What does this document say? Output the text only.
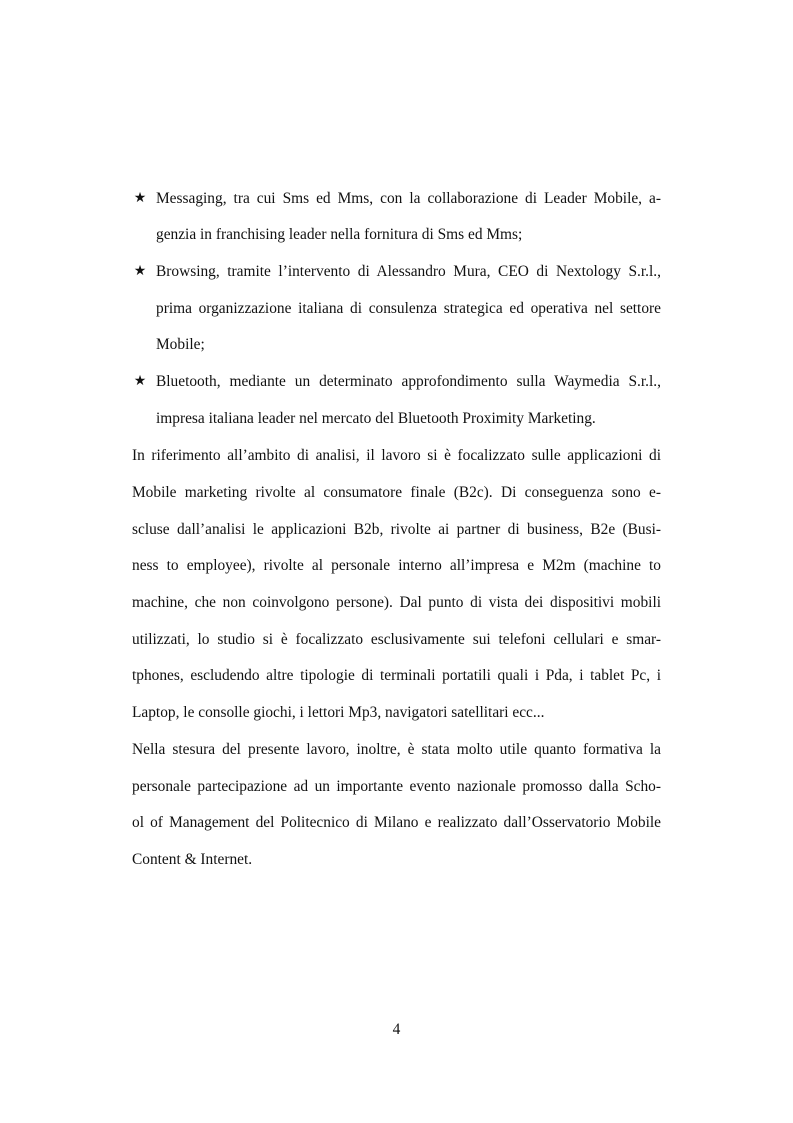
★ Messaging, tra cui Sms ed Mms, con la collaborazione di Leader Mobile, a-
genzia in franchising leader nella fornitura di Sms ed Mms;
★ Browsing, tramite l’intervento di Alessandro Mura, CEO di Nextology S.r.l.,
prima organizzazione italiana di consulenza strategica ed operativa nel settore
Mobile;
★ Bluetooth, mediante un determinato approfondimento sulla Waymedia S.r.l.,
impresa italiana leader nel mercato del Bluetooth Proximity Marketing.
In riferimento all’ambito di analisi, il lavoro si è focalizzato sulle applicazioni di
Mobile marketing rivolte al consumatore finale (B2c). Di conseguenza sono e-
scluse dall’analisi le applicazioni B2b, rivolte ai partner di business, B2e (Busi-
ness to employee), rivolte al personale interno all’impresa e M2m (machine to
machine, che non coinvolgono persone). Dal punto di vista dei dispositivi mobili
utilizzati, lo studio si è focalizzato esclusivamente sui telefoni cellulari e smar-
tphones, escludendo altre tipologie di terminali portatili quali i Pda, i tablet Pc, i
Laptop, le consolle giochi, i lettori Mp3, navigatori satellitari ecc...
Nella stesura del presente lavoro, inoltre, è stata molto utile quanto formativa la
personale partecipazione ad un importante evento nazionale promosso dalla Scho-
ol of Management del Politecnico di Milano e realizzato dall’Osservatorio Mobile
Content & Internet.
4
